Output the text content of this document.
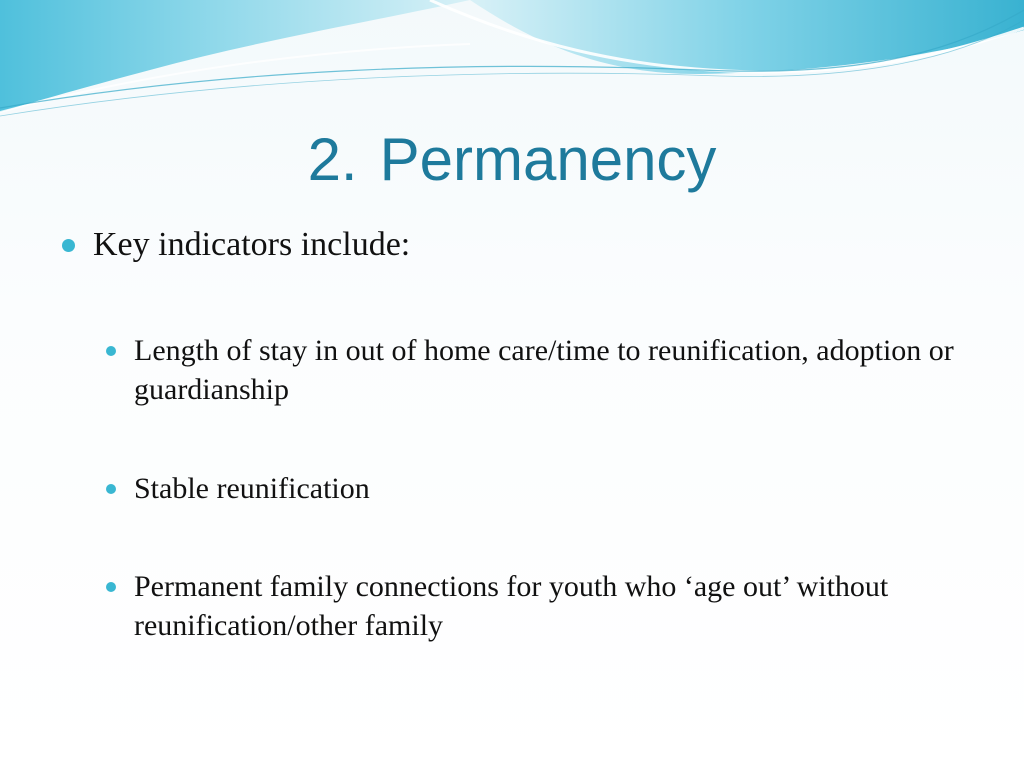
2. Permanency
Key indicators include:
Length of stay in out of home care/time to reunification, adoption or guardianship
Stable reunification
Permanent family connections for youth who ‘age out’ without reunification/other family
